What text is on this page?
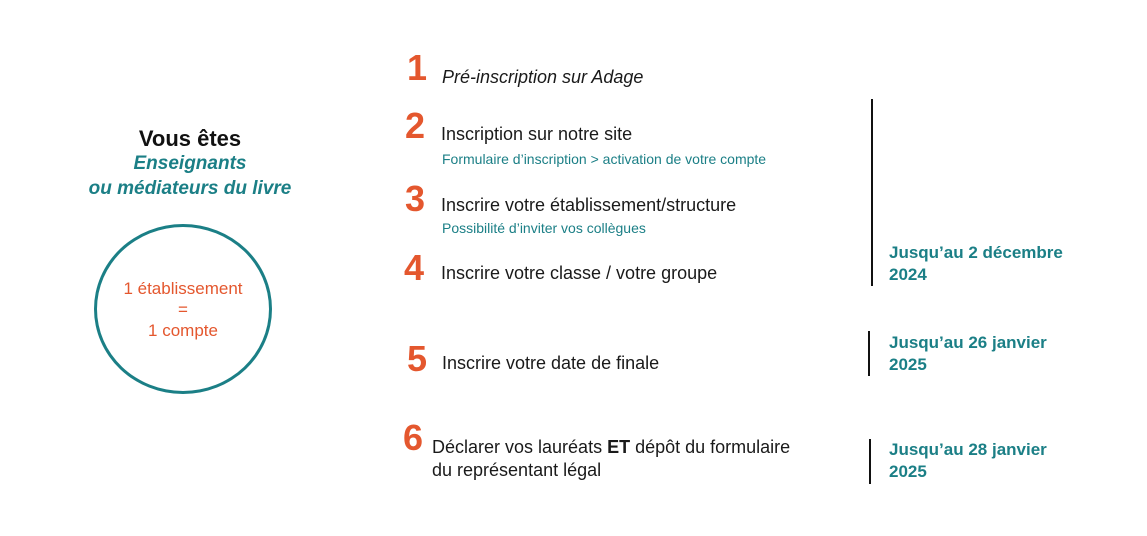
Vous êtes
Enseignants
ou médiateurs du livre
1 établissement
=
1 compte
1 Pré-inscription sur Adage
2 Inscription sur notre site
Formulaire d’inscription > activation de votre compte
3 Inscrire votre établissement/structure
Possibilité d’inviter vos collègues
4 Inscrire votre classe / votre groupe
5 Inscrire votre date de finale
6 Déclarer vos lauréats ET dépôt du formulaire
du représentant légal
Jusqu’au 2 décembre
2024
Jusqu’au 26 janvier
2025
Jusqu’au 28 janvier
2025
